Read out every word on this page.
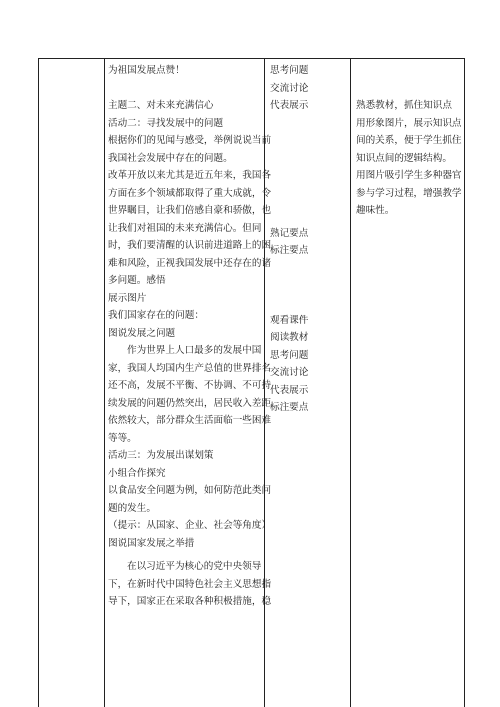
为祖国发展点赞！
主题二、对未来充满信心
活动二：寻找发展中的问题
根据你们的见闻与感受，举例说说当前
我国社会发展中存在的问题。
改革开放以来尤其是近五年来，我国各
方面在多个领域都取得了重大成就，令
世界瞩目，让我们倍感自豪和骄傲，也
让我们对祖国的未来充满信心。但同
时，我们要清醒的认识前进道路上的困
难和风险，正视我国发展中还存在的诸
多问题。感悟
展示图片
我们国家存在的问题：
图说发展之问题
作为世界上人口最多的发展中国
家，我国人均国内生产总值的世界排名
还不高，发展不平衡、不协调、不可持
续发展的问题仍然突出，居民收入差距
依然较大，部分群众生活面临一些困难
等等。
活动三：为发展出谋划策
小组合作探究
以食品安全问题为例，如何防范此类问
题的发生。
（提示：从国家、企业、社会等角度）
图说国家发展之举措
在以习近平为核心的党中央领导
下，在新时代中国特色社会主义思想指
导下，国家正在采取各种积极措施，稳
思考问题
交流讨论
代表展示
熟记要点
标注要点
观看课件
阅读教材
思考问题
交流讨论
代表展示
标注要点
熟悉教材，抓住知识点
用形象图片，展示知识点
间的关系，便于学生抓住
知识点间的逻辑结构。
用图片吸引学生多种器官
参与学习过程，增强教学
趣味性。
